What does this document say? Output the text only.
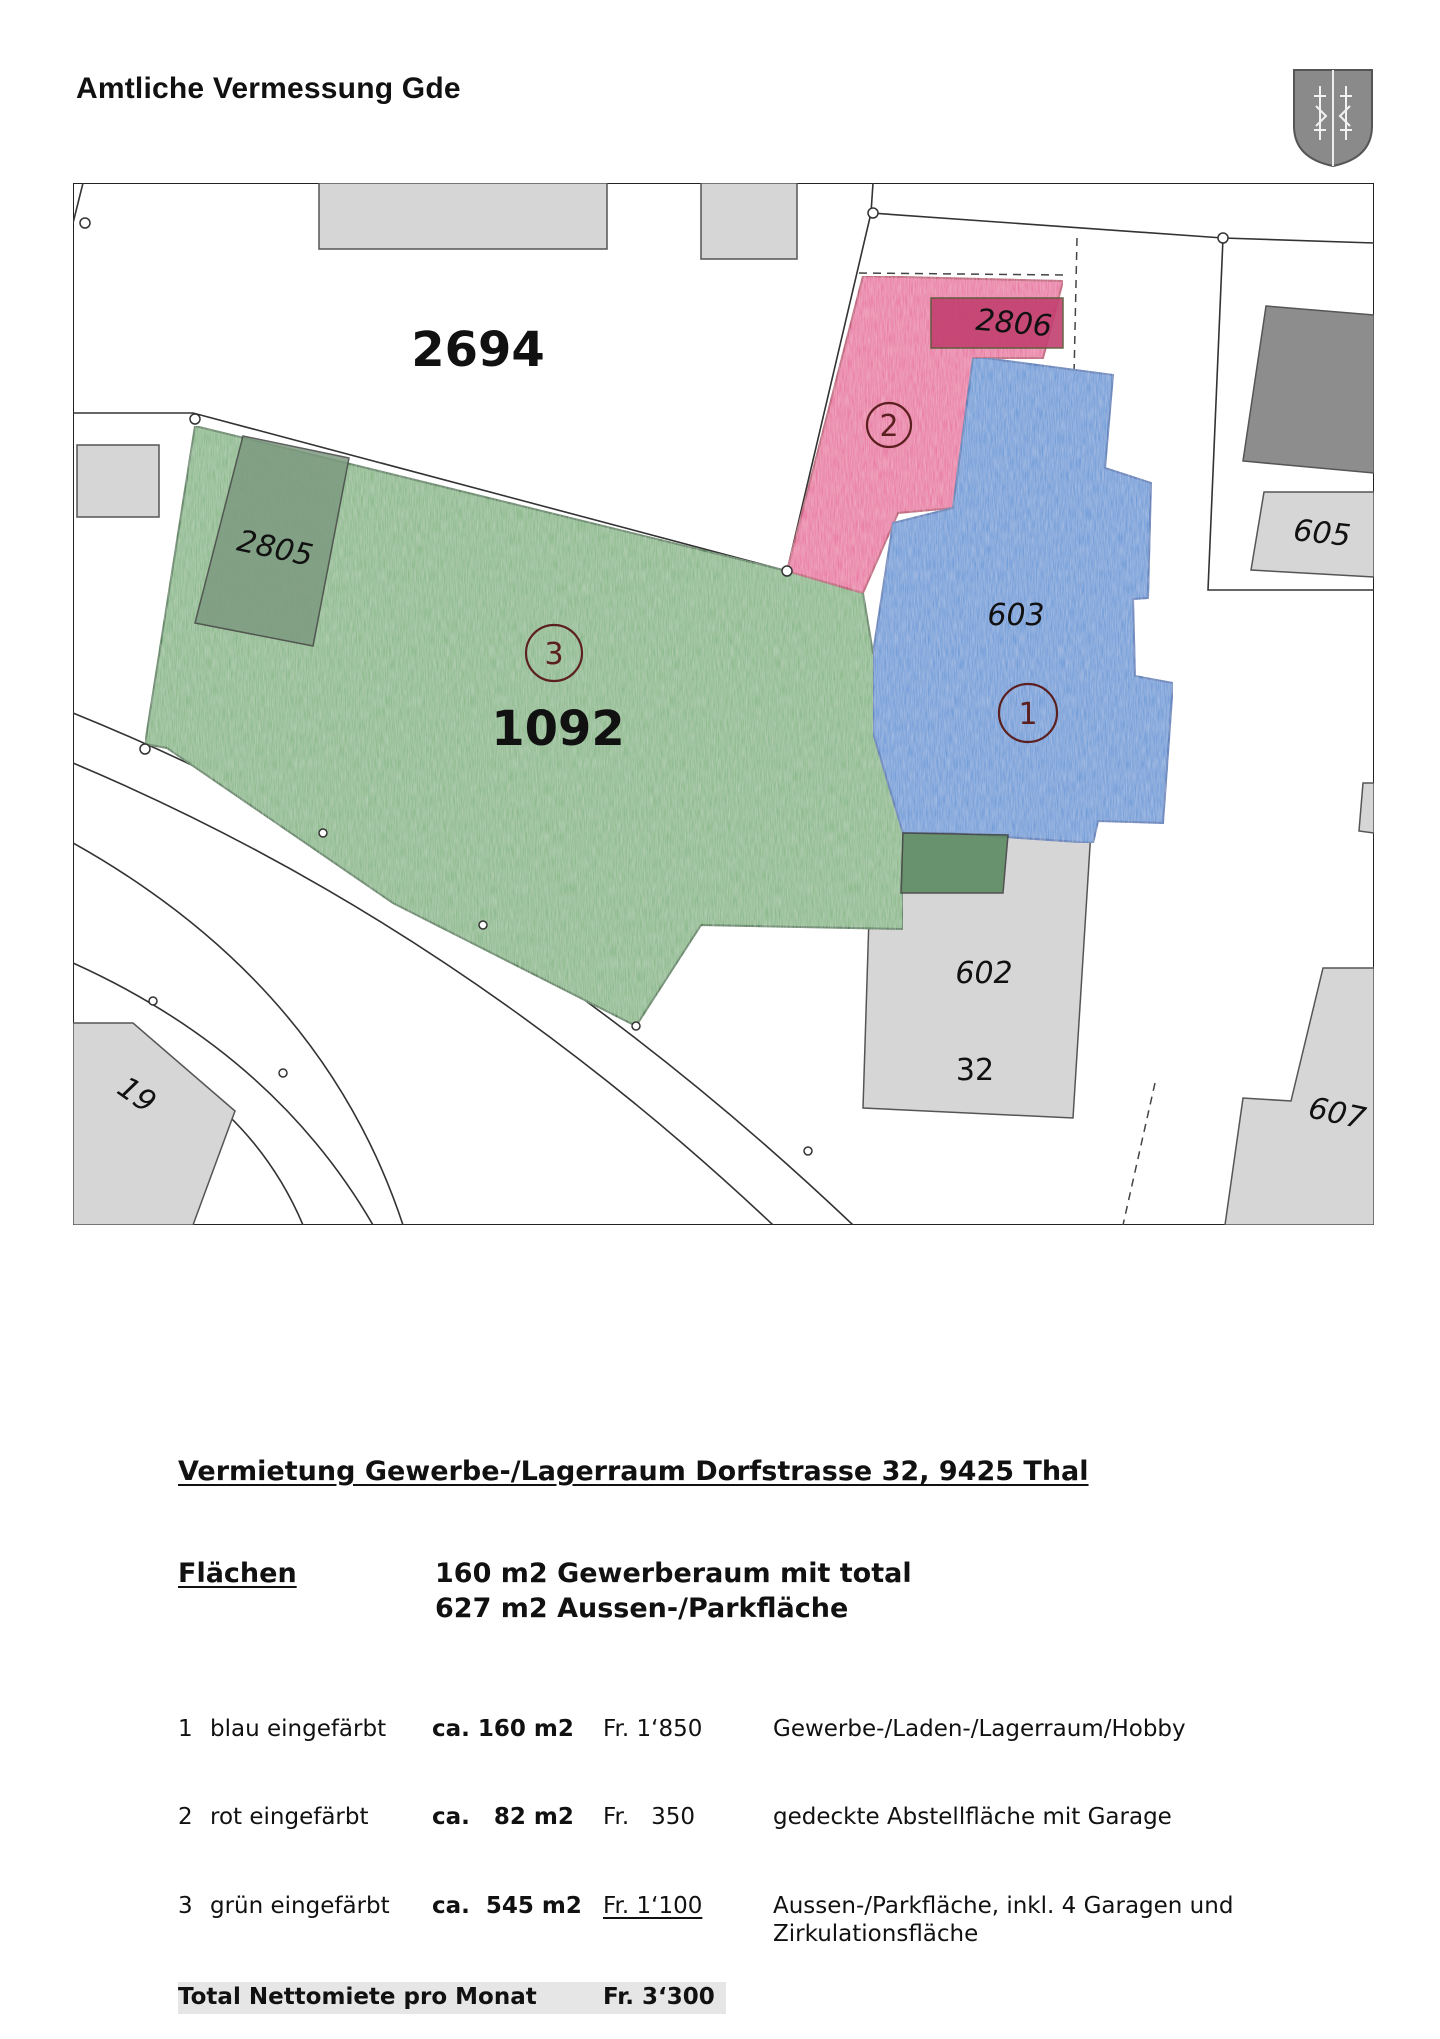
Amtliche Vermessung Gde
2694	2806
2805
1092
603
605
602
32
19	607
2
3
1
Vermietung Gewerbe-/Lagerraum Dorfstrasse 32, 9425 Thal
Flächen	160 m2 Gewerberaum mit total
627 m2 Aussen-/Parkfläche
1 blau eingefärbt ca. 160 m2 Fr. 1‘850	Gewerbe-/Laden-/Lagerraum/Hobby
2 rot eingefärbt	ca.   82 m2 Fr.   350	gedeckte Abstellfläche mit Garage
3 grün eingefärbt ca.  545 m2 Fr. 1‘100	Aussen-/Parkfläche, inkl. 4 Garagen und
Zirkulationsfläche
Total Nettomiete pro Monat	Fr. 3‘300
